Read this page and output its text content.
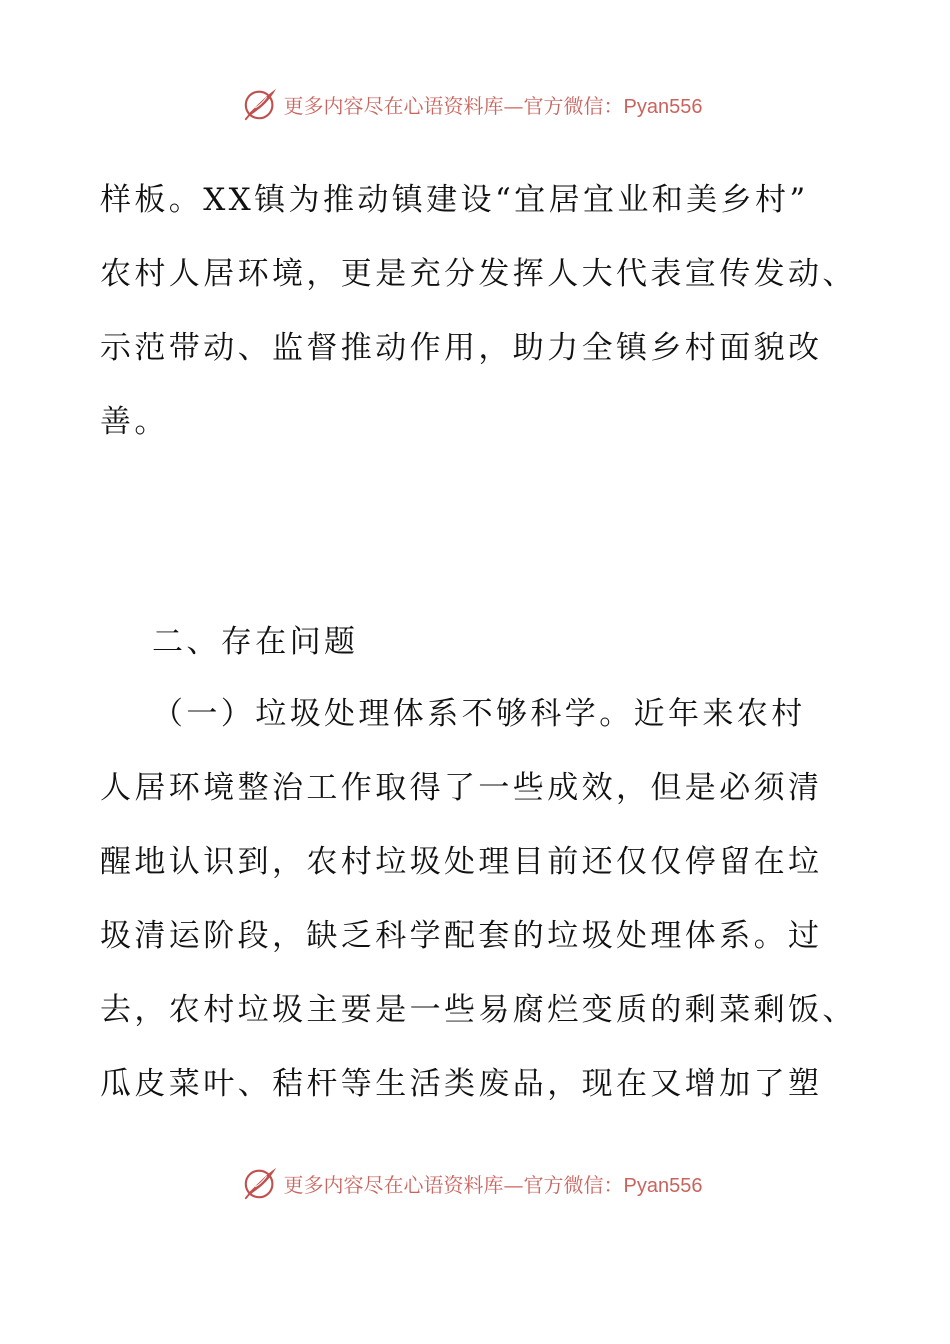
更多内容尽在心语资料库—官方微信：Pyan556
样板。XX镇为推动镇建设“宜居宜业和美乡村”
农村人居环境，更是充分发挥人大代表宣传发动、
示范带动、监督推动作用，助力全镇乡村面貌改
善。
二、存在问题
（一）垃圾处理体系不够科学。近年来农村
人居环境整治工作取得了一些成效，但是必须清
醒地认识到，农村垃圾处理目前还仅仅停留在垃
圾清运阶段，缺乏科学配套的垃圾处理体系。过
去，农村垃圾主要是一些易腐烂变质的剩菜剩饭、
瓜皮菜叶、秸杆等生活类废品，现在又增加了塑
更多内容尽在心语资料库—官方微信：Pyan556
